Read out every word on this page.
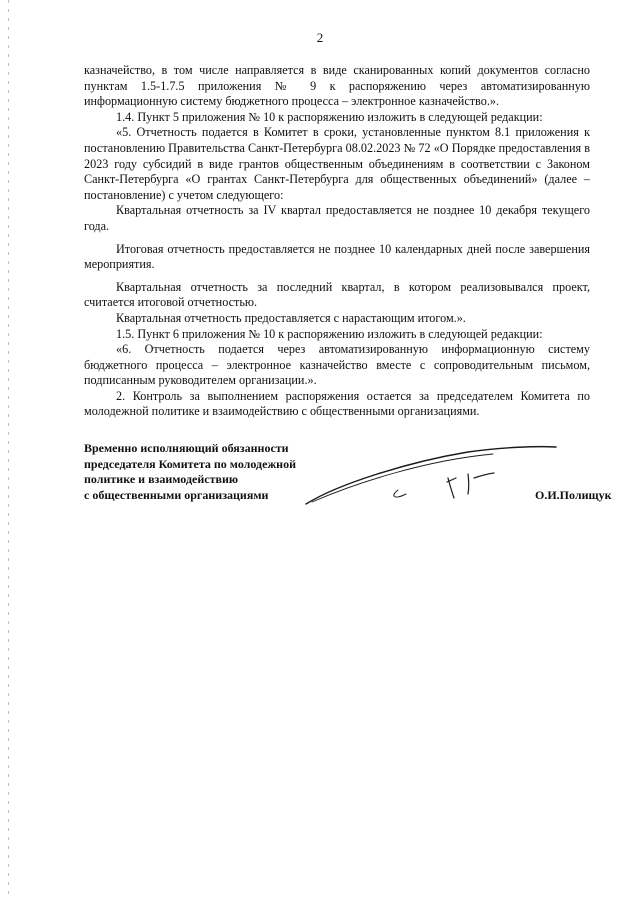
2

казначейство, в том числе направляется в виде сканированных копий документов согласно пунктам 1.5-1.7.5 приложения № 9 к распоряжению через автоматизированную информационную систему бюджетного процесса – электронное казначейство.».

1.4. Пункт 5 приложения № 10 к распоряжению изложить в следующей редакции:

«5. Отчетность подается в Комитет в сроки, установленные пунктом 8.1 приложения к постановлению Правительства Санкт-Петербурга 08.02.2023 № 72 «О Порядке предоставления в 2023 году субсидий в виде грантов общественным объединениям в соответствии с Законом Санкт-Петербурга «О грантах Санкт-Петербурга для общественных объединений» (далее – постановление) с учетом следующего:

Квартальная отчетность за IV квартал предоставляется не позднее 10 декабря текущего года.

Итоговая отчетность предоставляется не позднее 10 календарных дней после завершения мероприятия.

Квартальная отчетность за последний квартал, в котором реализовывался проект, считается итоговой отчетностью.

Квартальная отчетность предоставляется с нарастающим итогом.».

1.5. Пункт 6 приложения № 10 к распоряжению изложить в следующей редакции:

«6. Отчетность подается через автоматизированную информационную систему бюджетного процесса – электронное казначейство вместе с сопроводительным письмом, подписанным руководителем организации.».

2. Контроль за выполнением распоряжения остается за председателем Комитета по молодежной политике и взаимодействию с общественными организациями.

Временно исполняющий обязанности
председателя Комитета по молодежной
политике и взаимодействию
с общественными организациями	О.И.Полищук
